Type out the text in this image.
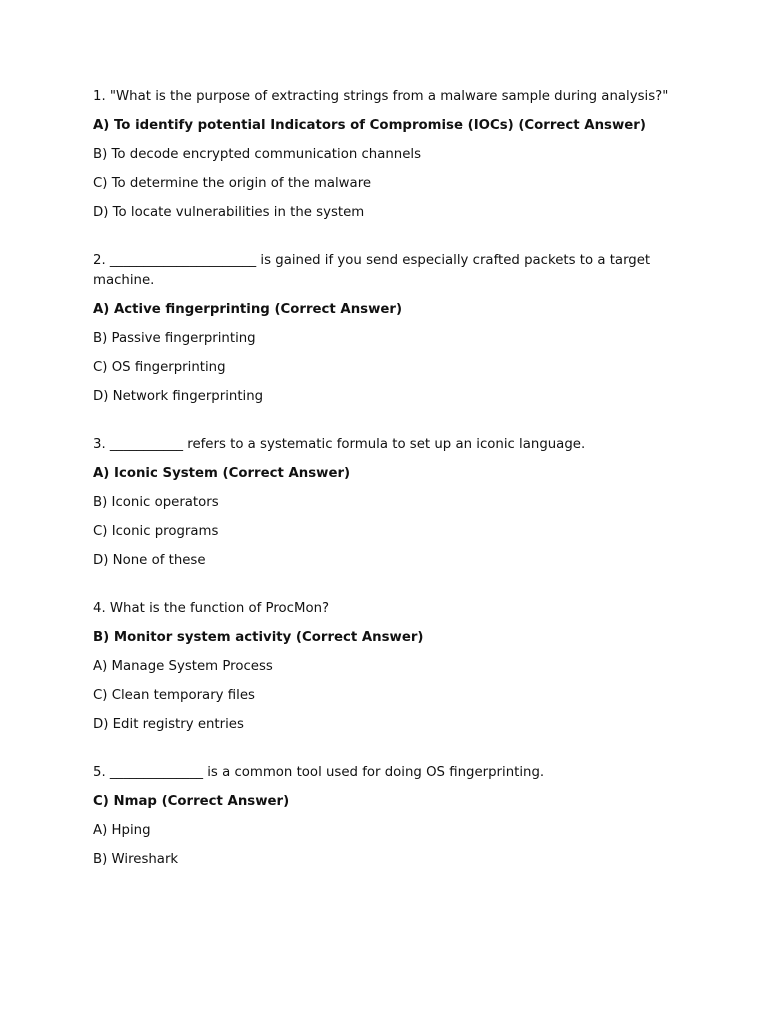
1. "What is the purpose of extracting strings from a malware sample during analysis?"
A) To identify potential Indicators of Compromise (IOCs) (Correct Answer)
B) To decode encrypted communication channels
C) To determine the origin of the malware
D) To locate vulnerabilities in the system
2. ______________________ is gained if you send especially crafted packets to a target machine.
A) Active fingerprinting (Correct Answer)
B) Passive fingerprinting
C) OS fingerprinting
D) Network fingerprinting
3. ___________ refers to a systematic formula to set up an iconic language.
A) Iconic System (Correct Answer)
B) Iconic operators
C) Iconic programs
D) None of these
4. What is the function of ProcMon?
B) Monitor system activity (Correct Answer)
A) Manage System Process
C) Clean temporary files
D) Edit registry entries
5. ______________ is a common tool used for doing OS fingerprinting.
C) Nmap (Correct Answer)
A) Hping
B) Wireshark
